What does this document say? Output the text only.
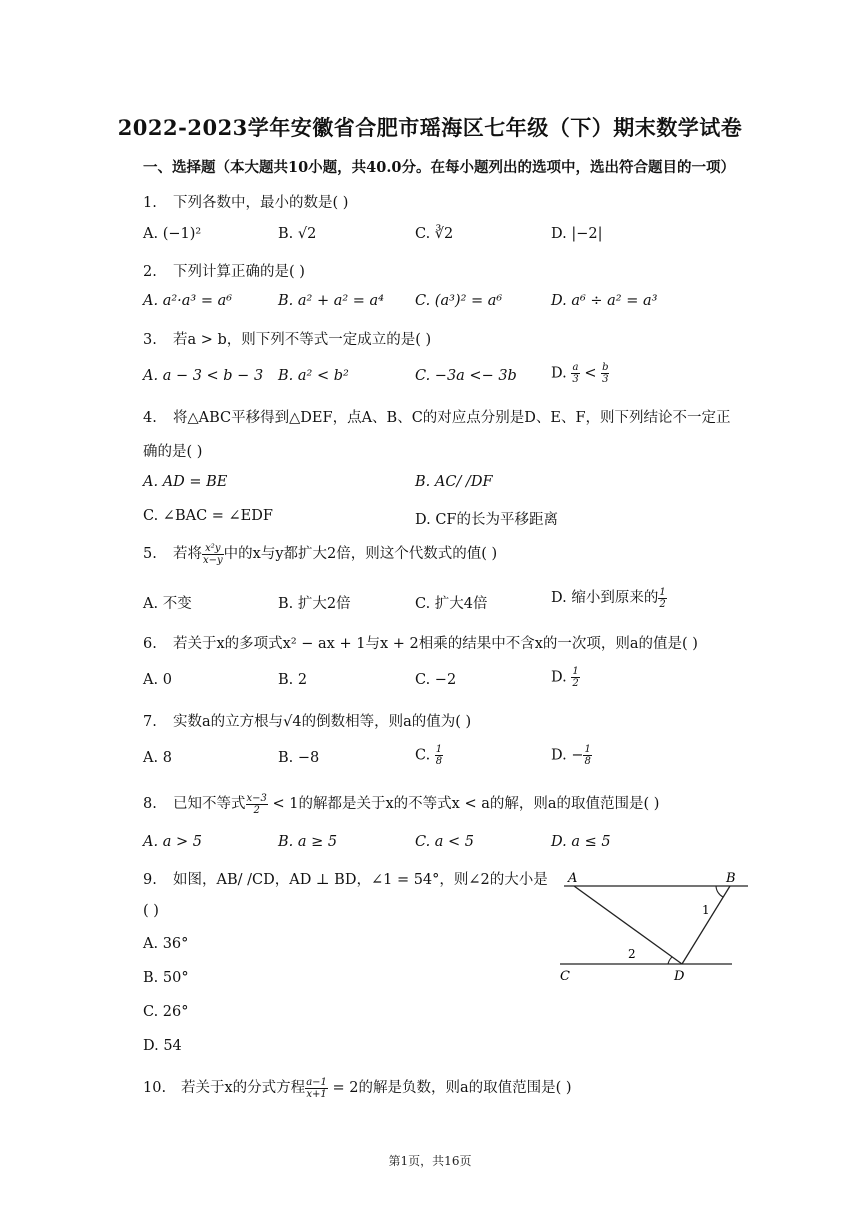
2022-2023学年安徽省合肥市瑶海区七年级（下）期末数学试卷
一、选择题（本大题共10小题，共40.0分。在每小题列出的选项中，选出符合题目的一项）
1. 下列各数中，最小的数是( )
A. (−1)²	B. √2	C. ∛2	D. |−2|
2. 下列计算正确的是( )
A. a²·a³ = a⁶	B. a² + a² = a⁴ C. (a³)² = a⁶	D. a⁶ ÷ a² = a³
3. 若a > b，则下列不等式一定成立的是( )
A. a − 3 < b − 3 B. a² < b²	C. −3a <− 3b D. $\frac{a}{3} < \frac{b}{3}$
4. 将△ABC平移得到△DEF，点A、B、C的对应点分别是D、E、F，则下列结论不一定正
确的是( )
A. AD = BE	B. AC/ /DF
C. ∠BAC = ∠EDF	D. CF的长为平移距离
5. 若将 $\frac{\text{x²y}}{x-y}$ 中的x与y都扩大2倍，则这个代数式的值( )
A. 不变	B. 扩大2倍	C. 扩大4倍	D. 缩小到原来的 $\frac{1}{2}$
6. 若关于x的多项式x² − ax + 1与x + 2相乘的结果中不含x的一次项，则a的值是( )
A. 0	B. 2	C. −2	D. $\frac{1}{2}$
7. 实数a的立方根与√4的倒数相等，则a的值为( )
A. 8	B. −8	C. $\frac{1}{8}$	D. − $\frac{1}{8}$
8. 已知不等式 $\frac{x-3}{2} < 1$的解都是关于x的不等式x < a的解，则a的取值范围是( )
A. a > 5	B. a ≥ 5	C. a < 5	D. a ≤ 5
9. 如图，AB/ /CD，AD ⊥ BD，∠1 = 54°，则∠2的大小是
( )
A. 36°
B. 50°
C. 26°
D. 54
A	B
C	D
1
2
10. 若关于x的分式方程 $\frac{a-1}{x+1} = 2$的解是负数，则a的取值范围是( )
第1页，共16页
